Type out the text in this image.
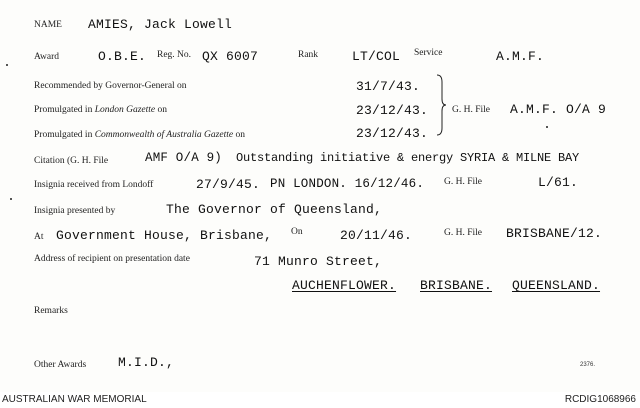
NAME AMIES, Jack Lowell
Award	O.B.E. Reg. No. QX 6007	Rank	LT/COL Service	A.M.F.
Recommended by Governor-General on	31/7/43.
Promulgated in London Gazette on	23/12/43.
Promulgated in Commonwealth of Australia Gazette on	23/12/43.
G. H. File A.M.F. O/A 9
Citation (G. H. File	AMF O/A 9) Outstanding initiative & energy SYRIA & MILNE BAY
Insignia received from Londoff	27/9/45. PN LONDON. 16/12/46. G. H. File	L/61.
Insignia presented by	The Governor of Queensland,
At Government House, Brisbane, On	20/11/46.	G. H. File BRISBANE/12.
Address of recipient on presentation date	71 Munro Street,
AUCHENFLOWER. BRISBANE. QUEENSLAND.
Remarks
Other Awards M.I.D.,	2376.
AUSTRALIAN WAR MEMORIAL	RCDIG1068966
